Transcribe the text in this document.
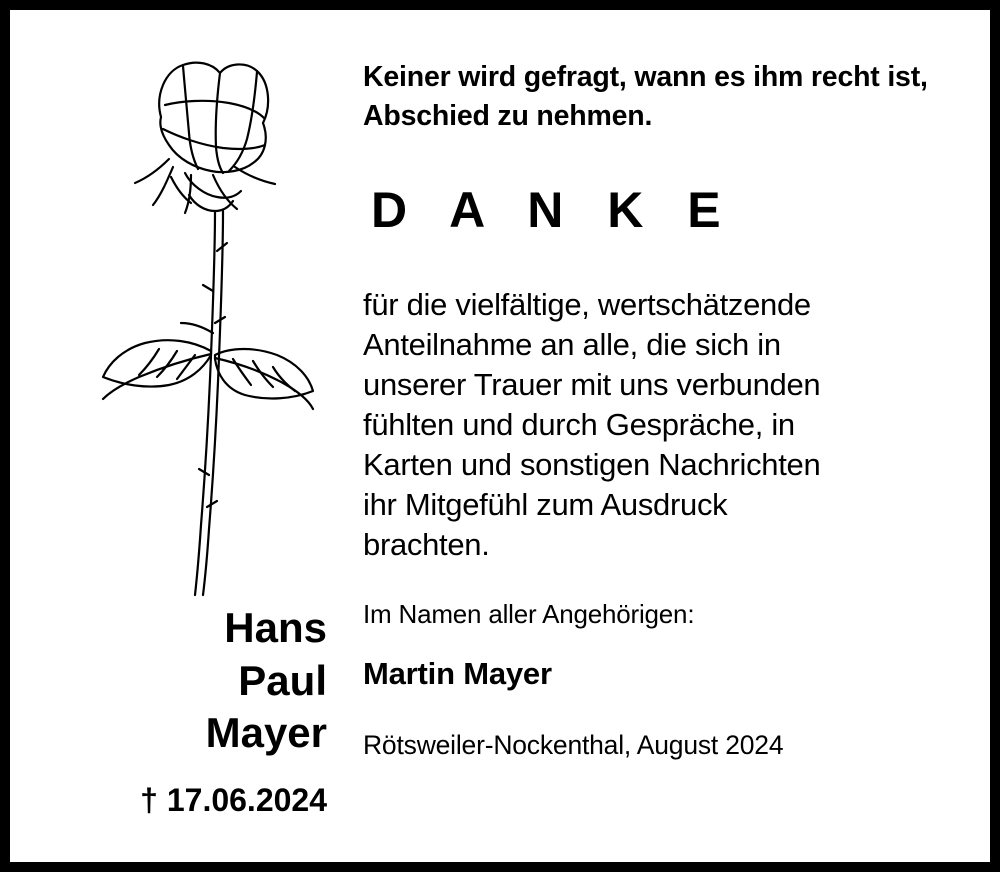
Hans
Paul
Mayer
† 17.06.2024
Keiner wird gefragt, wann es ihm recht ist,
Abschied zu nehmen.
D A N K E
für die vielfältige, wertschätzende
Anteilnahme an alle, die sich in
unserer Trauer mit uns verbunden
fühlten und durch Gespräche, in
Karten und sonstigen Nachrichten
ihr Mitgefühl zum Ausdruck
brachten.
Im Namen aller Angehörigen:
Martin Mayer
Rötsweiler-Nockenthal, August 2024
